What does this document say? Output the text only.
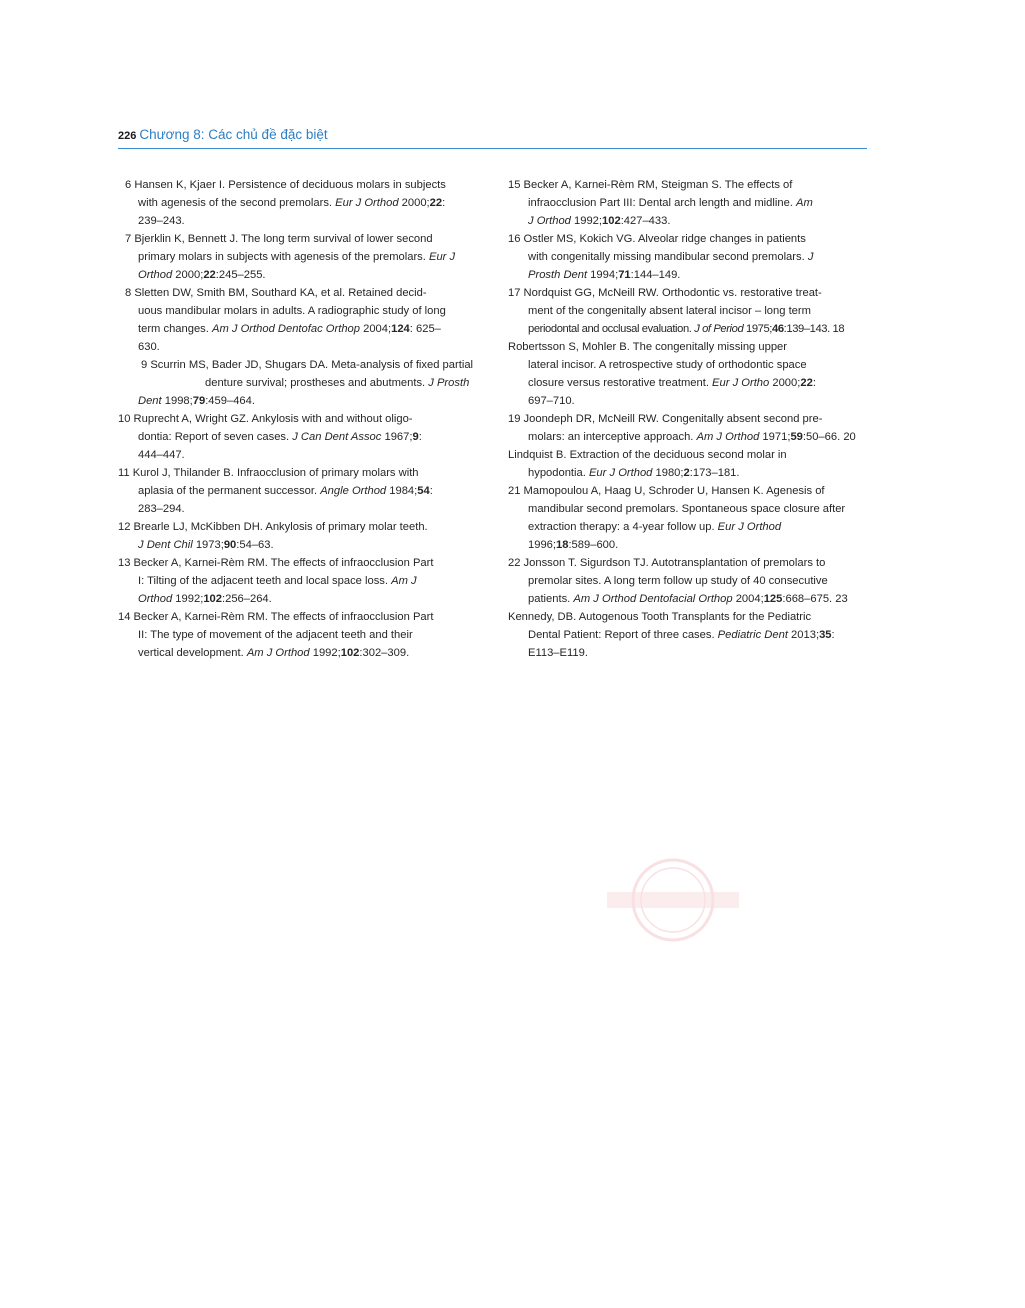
226 Chương 8: Các chủ đề đặc biệt
6 Hansen K, Kjaer I. Persistence of deciduous molars in subjects
with agenesis of the second premolars. Eur J Orthod 2000;22:
239–243.
7 Bjerklin K, Bennett J. The long term survival of lower second
primary molars in subjects with agenesis of the premolars. Eur J
Orthod 2000;22:245–255.
8 Sletten DW, Smith BM, Southard KA, et al. Retained decid-
uous mandibular molars in adults. A radiographic study of long
term changes. Am J Orthod Dentofac Orthop 2004;124: 625–
630.
9 Scurrin MS, Bader JD, Shugars DA. Meta-analysis of fixed partial
denture survival; prostheses and abutments. J Prosth
Dent 1998;79:459–464.
10 Ruprecht A, Wright GZ. Ankylosis with and without oligo-
dontia: Report of seven cases. J Can Dent Assoc 1967;9:
444–447.
11 Kurol J, Thilander B. Infraocclusion of primary molars with
aplasia of the permanent successor. Angle Orthod 1984;54:
283–294.
12 Brearle LJ, McKibben DH. Ankylosis of primary molar teeth.
J Dent Chil 1973;90:54–63.
13 Becker A, Karnei-Rèm RM. The effects of infraocclusion Part
I: Tilting of the adjacent teeth and local space loss. Am J
Orthod 1992;102:256–264.
14 Becker A, Karnei-Rèm RM. The effects of infraocclusion Part
II: The type of movement of the adjacent teeth and their
vertical development. Am J Orthod 1992;102:302–309.
15 Becker A, Karnei-Rèm RM, Steigman S. The effects of
infraocclusion Part III: Dental arch length and midline. Am
J Orthod 1992;102:427–433.
16 Ostler MS, Kokich VG. Alveolar ridge changes in patients
with congenitally missing mandibular second premolars. J
Prosth Dent 1994;71:144–149.
17 Nordquist GG, McNeill RW. Orthodontic vs. restorative treat-
ment of the congenitally absent lateral incisor – long term
periodontal and occlusal evaluation. J of Period 1975;46:139–143. 18
Robertsson S, Mohler B. The congenitally missing upper
lateral incisor. A retrospective study of orthodontic space
closure versus restorative treatment. Eur J Ortho 2000;22:
697–710.
19 Joondeph DR, McNeill RW. Congenitally absent second pre-
molars: an interceptive approach. Am J Orthod 1971;59:50–66. 20
Lindquist B. Extraction of the deciduous second molar in
hypodontia. Eur J Orthod 1980;2:173–181.
21 Mamopoulou A, Haag U, Schroder U, Hansen K. Agenesis of
mandibular second premolars. Spontaneous space closure after
extraction therapy: a 4-year follow up. Eur J Orthod
1996;18:589–600.
22 Jonsson T. Sigurdson TJ. Autotransplantation of premolars to
premolar sites. A long term follow up study of 40 consecutive
patients. Am J Orthod Dentofacial Orthop 2004;125:668–675. 23
Kennedy, DB. Autogenous Tooth Transplants for the Pediatric
Dental Patient: Report of three cases. Pediatric Dent 2013;35:
E113–E119.
